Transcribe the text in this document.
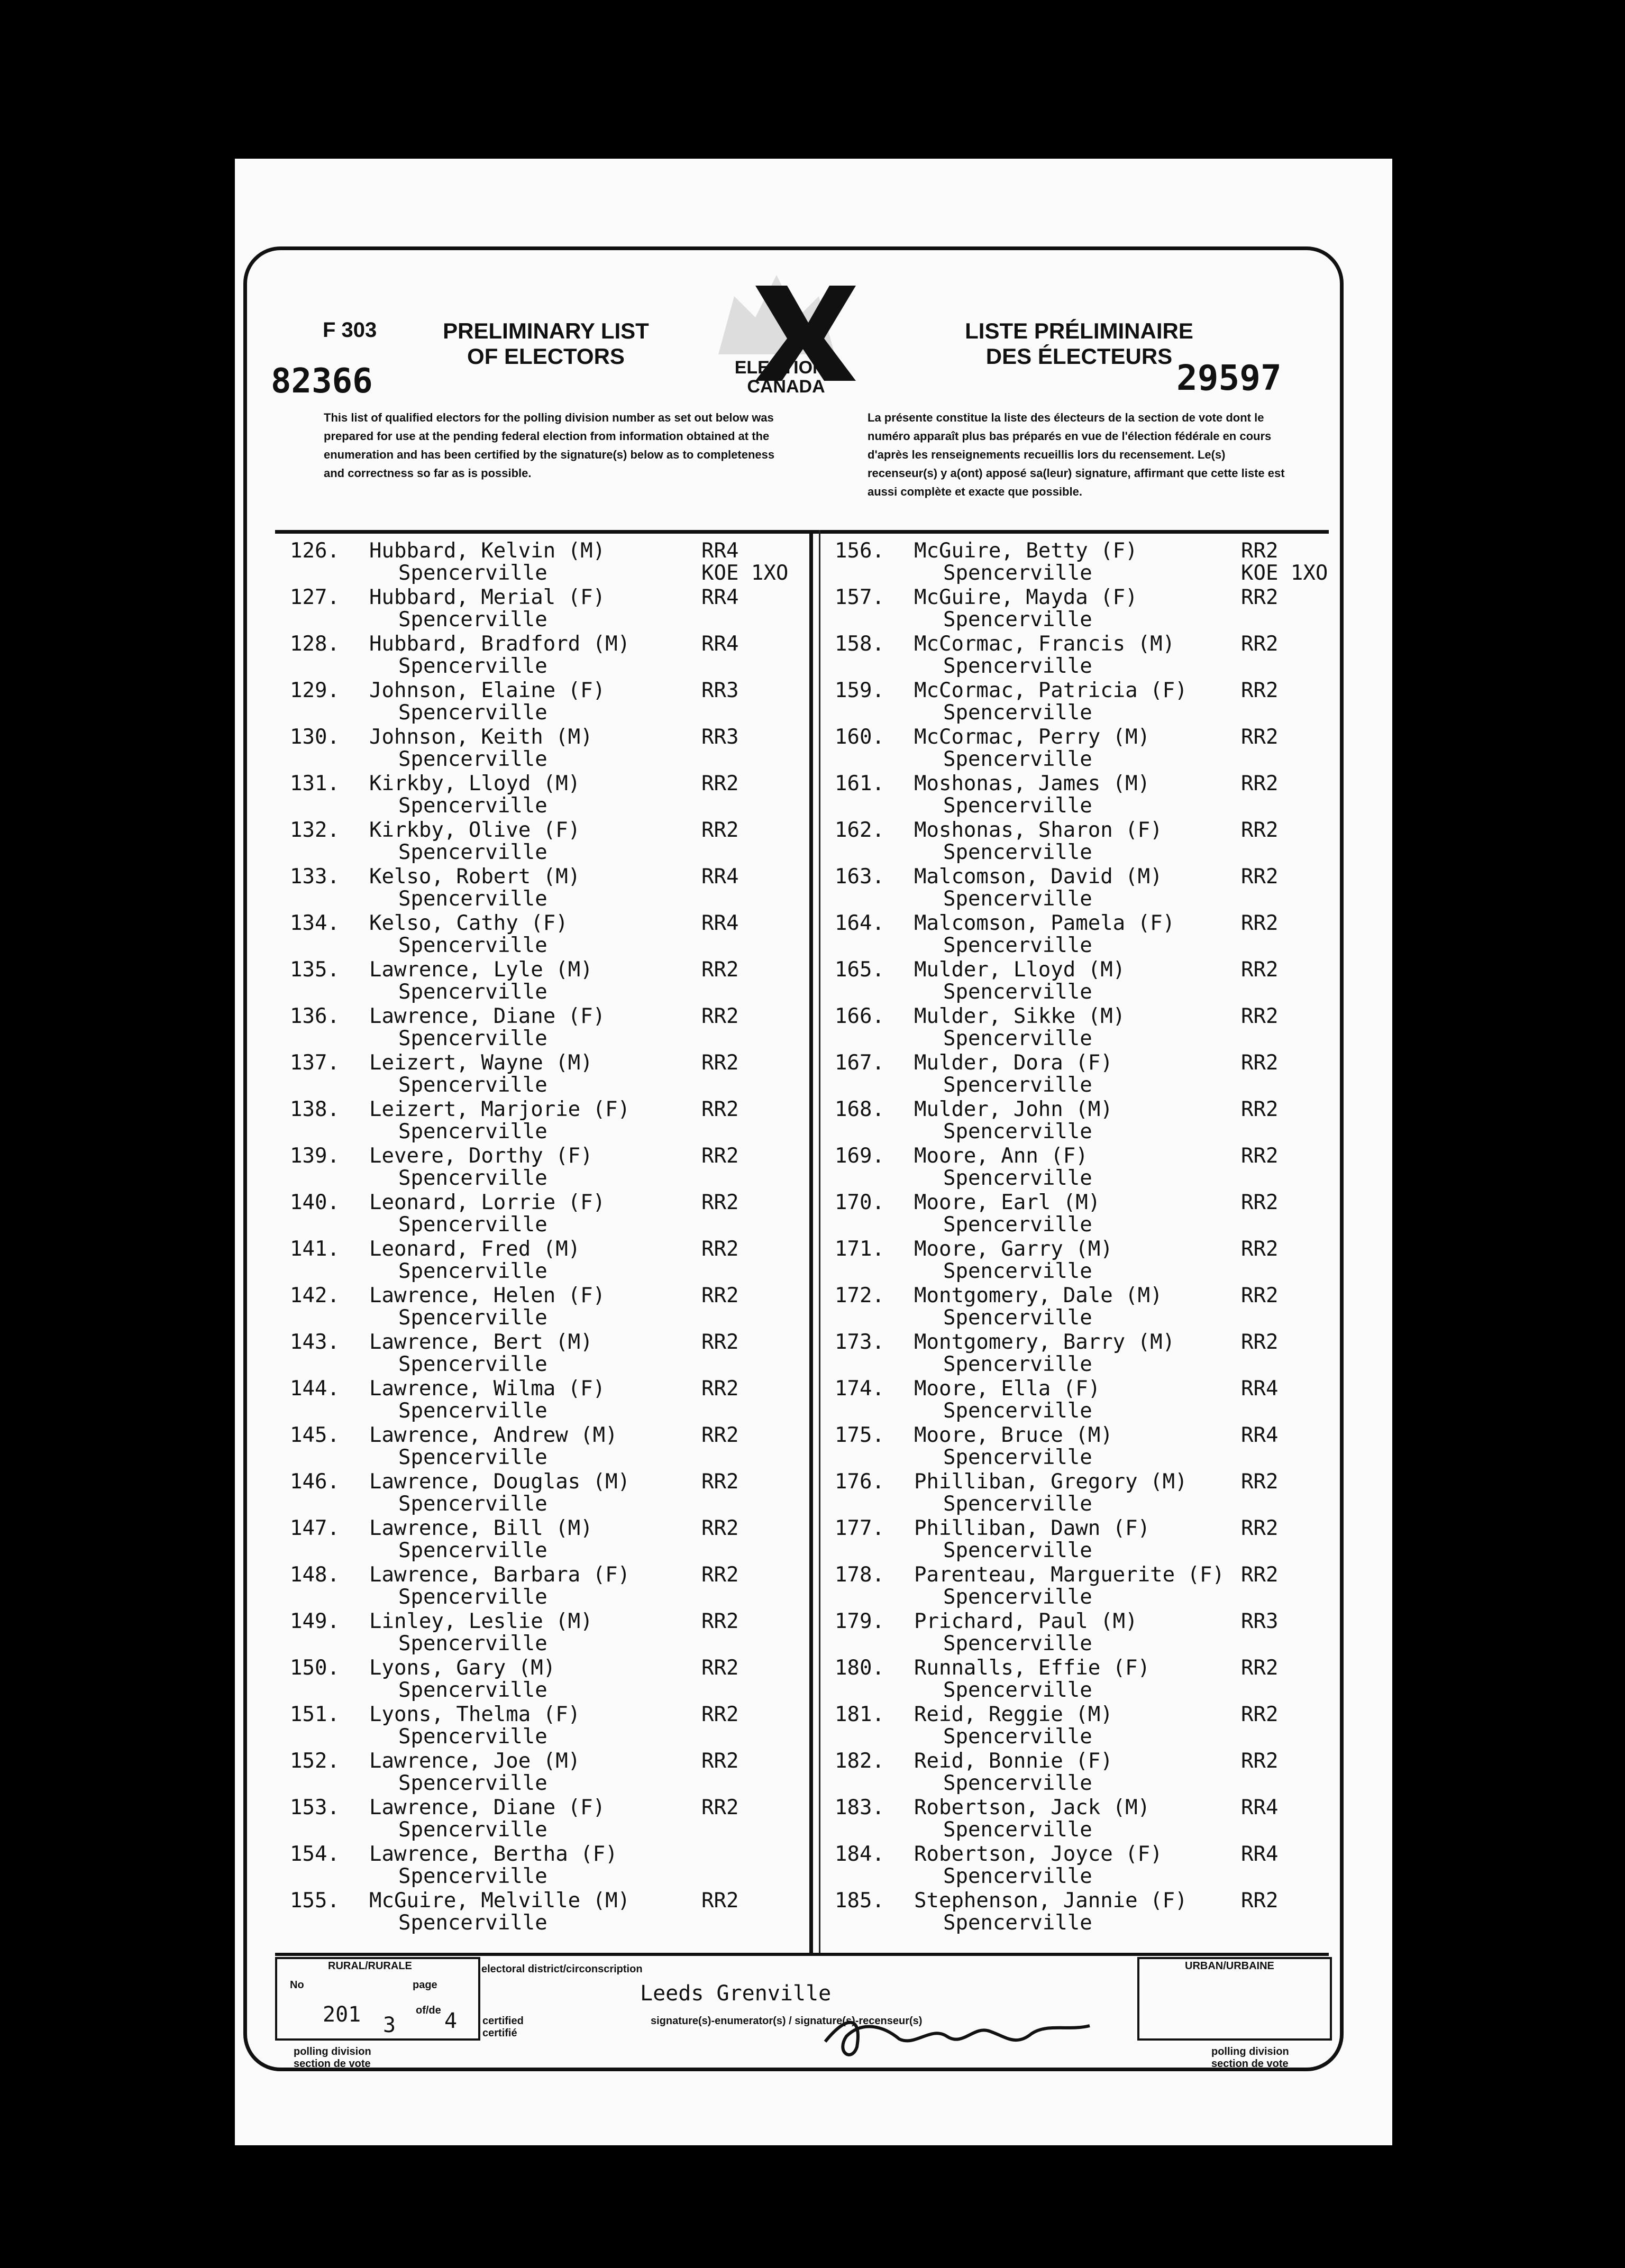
F 303	PRELIMINARY LIST OF ELECTORS
LISTE PRÉLIMINAIRE DES ÉLECTEURS
82366	29597
ELECTIONS
CANADA
This list of qualified electors for the polling division number as set out below was prepared for use at the pending federal election from information obtained at the enumeration and has been certified by the signature(s) below as to completeness and correctness so far as is possible.
La présente constitue la liste des électeurs de la section de vote dont le numéro apparaît plus bas préparés en vue de l'élection fédérale en cours d'après les renseignements recueillis lors du recensement. Le(s) recenseur(s) y a(ont) apposé sa(leur) signature, affirmant que cette liste est aussi complète et exacte que possible.
126. Hubbard, Kelvin (M)	RR4
Spencerville	KOE 1XO
127. Hubbard, Merial (F)	RR4
Spencerville
128. Hubbard, Bradford (M)	RR4
Spencerville
129. Johnson, Elaine (F)	RR3
Spencerville
130. Johnson, Keith (M)	RR3
Spencerville
131. Kirkby, Lloyd (M)	RR2
Spencerville
132. Kirkby, Olive (F)	RR2
Spencerville
133. Kelso, Robert (M)	RR4
Spencerville
134. Kelso, Cathy (F)	RR4
Spencerville
135. Lawrence, Lyle (M)	RR2
Spencerville
136. Lawrence, Diane (F)	RR2
Spencerville
137. Leizert, Wayne (M)	RR2
Spencerville
138. Leizert, Marjorie (F)	RR2
Spencerville
139. Levere, Dorthy (F)	RR2
Spencerville
140. Leonard, Lorrie (F)	RR2
Spencerville
141. Leonard, Fred (M)	RR2
Spencerville
142. Lawrence, Helen (F)	RR2
Spencerville
143. Lawrence, Bert (M)	RR2
Spencerville
144. Lawrence, Wilma (F)	RR2
Spencerville
145. Lawrence, Andrew (M)	RR2
Spencerville
146. Lawrence, Douglas (M)	RR2
Spencerville
147. Lawrence, Bill (M)	RR2
Spencerville
148. Lawrence, Barbara (F)	RR2
Spencerville
149. Linley, Leslie (M)	RR2
Spencerville
150. Lyons, Gary (M)	RR2
Spencerville
151. Lyons, Thelma (F)	RR2
Spencerville
152. Lawrence, Joe (M)	RR2
Spencerville
153. Lawrence, Diane (F)	RR2
Spencerville
154. Lawrence, Bertha (F)
Spencerville
155. McGuire, Melville (M)	RR2
Spencerville
156. McGuire, Betty (F)	RR2
Spencerville	KOE 1XO
157. McGuire, Mayda (F)	RR2
Spencerville
158. McCormac, Francis (M)	RR2
Spencerville
159. McCormac, Patricia (F)	RR2
Spencerville
160. McCormac, Perry (M)	RR2
Spencerville
161. Moshonas, James (M)	RR2
Spencerville
162. Moshonas, Sharon (F)	RR2
Spencerville
163. Malcomson, David (M)	RR2
Spencerville
164. Malcomson, Pamela (F)	RR2
Spencerville
165. Mulder, Lloyd (M)	RR2
Spencerville
166. Mulder, Sikke (M)	RR2
Spencerville
167. Mulder, Dora (F)	RR2
Spencerville
168. Mulder, John (M)	RR2
Spencerville
169. Moore, Ann (F)	RR2
Spencerville
170. Moore, Earl (M)	RR2
Spencerville
171. Moore, Garry (M)	RR2
Spencerville
172. Montgomery, Dale (M)	RR2
Spencerville
173. Montgomery, Barry (M)	RR2
Spencerville
174. Moore, Ella (F)	RR4
Spencerville
175. Moore, Bruce (M)	RR4
Spencerville
176. Philliban, Gregory (M)	RR2
Spencerville
177. Philliban, Dawn (F)	RR2
Spencerville
178. Parenteau, Marguerite (F) RR2
Spencerville
179. Prichard, Paul (M)	RR3
Spencerville
180. Runnalls, Effie (F)	RR2
Spencerville
181. Reid, Reggie (M)	RR2
Spencerville
182. Reid, Bonnie (F)	RR2
Spencerville
183. Robertson, Jack (M)	RR4
Spencerville
184. Robertson, Joyce (F)	RR4
Spencerville
185. Stephenson, Jannie (F)	RR2
Spencerville
RURAL/RURALE
No	page
201 3
of/de 4
polling division section de vote
electoral district/circonscription
certified certifié
Leeds Grenville
signature(s)-enumerator(s) / signature(s)-recenseur(s)
URBAN/URBAINE
polling division section de vote
